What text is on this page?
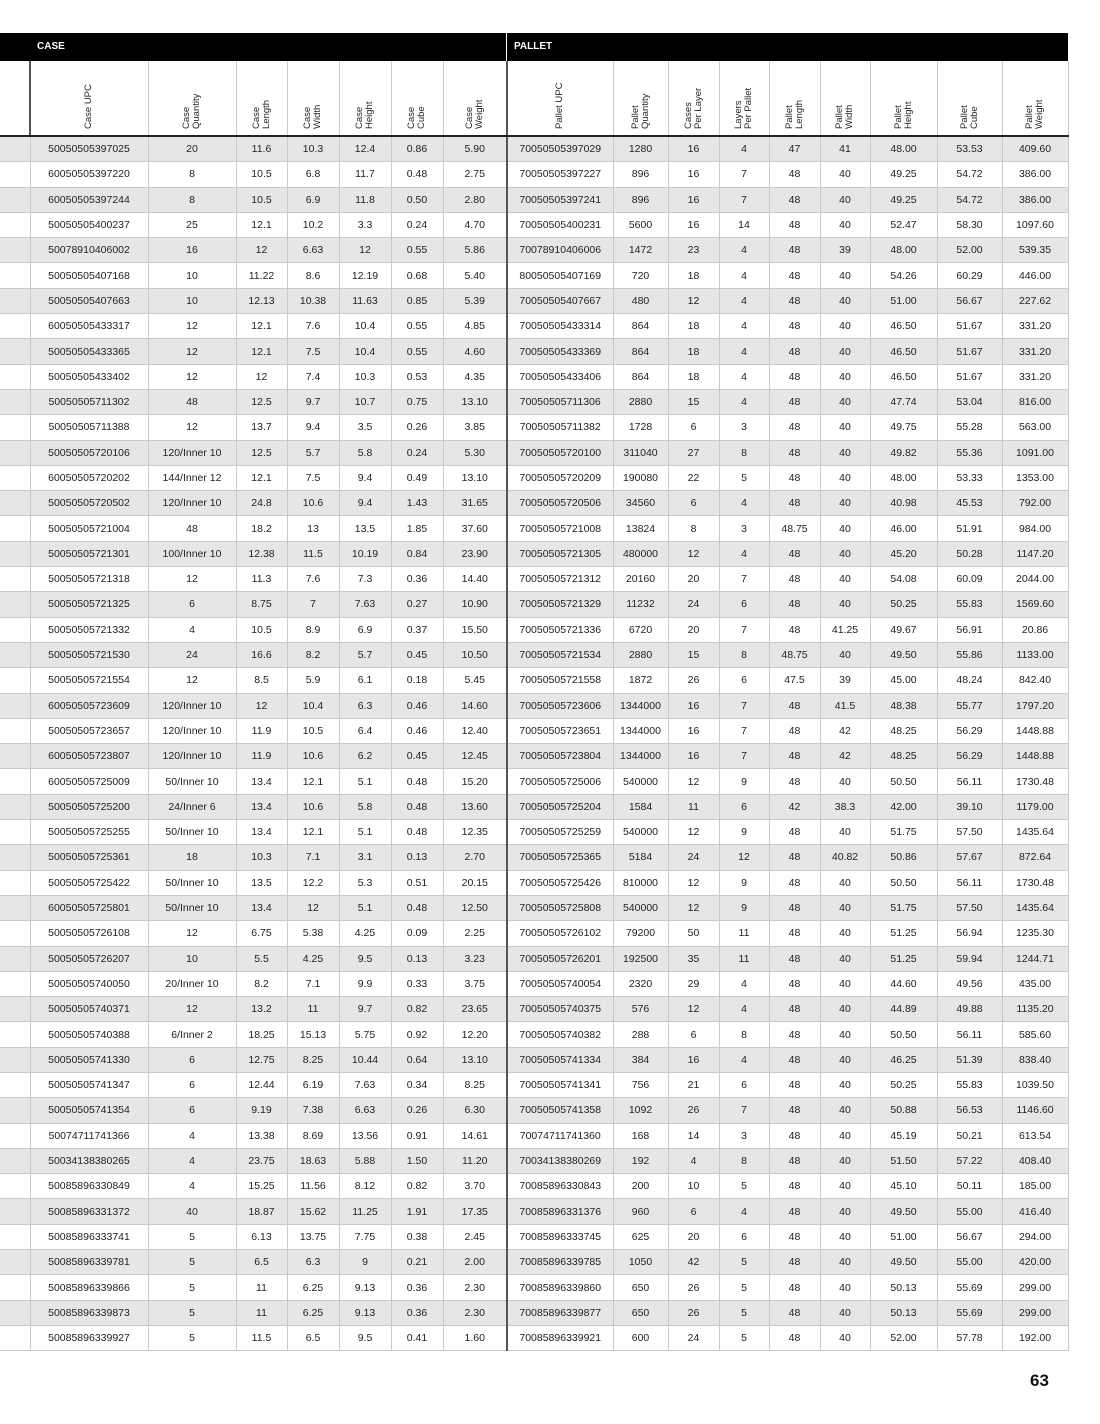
CASE	PALLET

	Case UPC	Case Quantity	Case Length	Case Width	Case Height	Case Cube	Case Weight	Pallet UPC	Pallet Quantity	Cases Per Layer	Layers Per Pallet	Pallet Length	Pallet Width	Pallet Height	Pallet Cube	Pallet Weight

	50050505397025	20	11.6	10.3	12.4	0.86	5.90	70050505397029	1280	16	4	47	41	48.00	53.53	409.60
	60050505397220	8	10.5	6.8	11.7	0.48	2.75	70050505397227	896	16	7	48	40	49.25	54.72	386.00
	60050505397244	8	10.5	6.9	11.8	0.50	2.80	70050505397241	896	16	7	48	40	49.25	54.72	386.00
	50050505400237	25	12.1	10.2	3.3	0.24	4.70	70050505400231	5600	16	14	48	40	52.47	58.30	1097.60
	50078910406002	16	12	6.63	12	0.55	5.86	70078910406006	1472	23	4	48	39	48.00	52.00	539.35
	50050505407168	10	11.22	8.6	12.19	0.68	5.40	80050505407169	720	18	4	48	40	54.26	60.29	446.00
	50050505407663	10	12.13	10.38	11.63	0.85	5.39	70050505407667	480	12	4	48	40	51.00	56.67	227.62
	60050505433317	12	12.1	7.6	10.4	0.55	4.85	70050505433314	864	18	4	48	40	46.50	51.67	331.20
	50050505433365	12	12.1	7.5	10.4	0.55	4.60	70050505433369	864	18	4	48	40	46.50	51.67	331.20
	50050505433402	12	12	7.4	10.3	0.53	4.35	70050505433406	864	18	4	48	40	46.50	51.67	331.20
	50050505711302	48	12.5	9.7	10.7	0.75	13.10	70050505711306	2880	15	4	48	40	47.74	53.04	816.00
	50050505711388	12	13.7	9.4	3.5	0.26	3.85	70050505711382	1728	6	3	48	40	49.75	55.28	563.00
	50050505720106	120/Inner 10	12.5	5.7	5.8	0.24	5.30	70050505720100	311040	27	8	48	40	49.82	55.36	1091.00
	60050505720202	144/Inner 12	12.1	7.5	9.4	0.49	13.10	70050505720209	190080	22	5	48	40	48.00	53.33	1353.00
	50050505720502	120/Inner 10	24.8	10.6	9.4	1.43	31.65	70050505720506	34560	6	4	48	40	40.98	45.53	792.00
	50050505721004	48	18.2	13	13.5	1.85	37.60	70050505721008	13824	8	3	48.75	40	46.00	51.91	984.00
	50050505721301	100/Inner 10	12.38	11.5	10.19	0.84	23.90	70050505721305	480000	12	4	48	40	45.20	50.28	1147.20
	50050505721318	12	11.3	7.6	7.3	0.36	14.40	70050505721312	20160	20	7	48	40	54.08	60.09	2044.00
	50050505721325	6	8.75	7	7.63	0.27	10.90	70050505721329	11232	24	6	48	40	50.25	55.83	1569.60
	50050505721332	4	10.5	8.9	6.9	0.37	15.50	70050505721336	6720	20	7	48	41.25	49.67	56.91	20.86
	50050505721530	24	16.6	8.2	5.7	0.45	10.50	70050505721534	2880	15	8	48.75	40	49.50	55.86	1133.00
	50050505721554	12	8.5	5.9	6.1	0.18	5.45	70050505721558	1872	26	6	47.5	39	45.00	48.24	842.40
	60050505723609	120/Inner 10	12	10.4	6.3	0.46	14.60	70050505723606	1344000	16	7	48	41.5	48.38	55.77	1797.20
	50050505723657	120/Inner 10	11.9	10.5	6.4	0.46	12.40	70050505723651	1344000	16	7	48	42	48.25	56.29	1448.88
	60050505723807	120/Inner 10	11.9	10.6	6.2	0.45	12.45	70050505723804	1344000	16	7	48	42	48.25	56.29	1448.88
	60050505725009	50/Inner 10	13.4	12.1	5.1	0.48	15.20	70050505725006	540000	12	9	48	40	50.50	56.11	1730.48
	50050505725200	24/Inner 6	13.4	10.6	5.8	0.48	13.60	70050505725204	1584	11	6	42	38.3	42.00	39.10	1179.00
	50050505725255	50/Inner 10	13.4	12.1	5.1	0.48	12.35	70050505725259	540000	12	9	48	40	51.75	57.50	1435.64
	50050505725361	18	10.3	7.1	3.1	0.13	2.70	70050505725365	5184	24	12	48	40.82	50.86	57.67	872.64
	50050505725422	50/Inner 10	13.5	12.2	5.3	0.51	20.15	70050505725426	810000	12	9	48	40	50.50	56.11	1730.48
	60050505725801	50/Inner 10	13.4	12	5.1	0.48	12.50	70050505725808	540000	12	9	48	40	51.75	57.50	1435.64
	50050505726108	12	6.75	5.38	4.25	0.09	2.25	70050505726102	79200	50	11	48	40	51.25	56.94	1235.30
	50050505726207	10	5.5	4.25	9.5	0.13	3.23	70050505726201	192500	35	11	48	40	51.25	59.94	1244.71
	50050505740050	20/Inner 10	8.2	7.1	9.9	0.33	3.75	70050505740054	2320	29	4	48	40	44.60	49.56	435.00
	50050505740371	12	13.2	11	9.7	0.82	23.65	70050505740375	576	12	4	48	40	44.89	49.88	1135.20
	50050505740388	6/Inner 2	18.25	15.13	5.75	0.92	12.20	70050505740382	288	6	8	48	40	50.50	56.11	585.60
	50050505741330	6	12.75	8.25	10.44	0.64	13.10	70050505741334	384	16	4	48	40	46.25	51.39	838.40
	50050505741347	6	12.44	6.19	7.63	0.34	8.25	70050505741341	756	21	6	48	40	50.25	55.83	1039.50
	50050505741354	6	9.19	7.38	6.63	0.26	6.30	70050505741358	1092	26	7	48	40	50.88	56.53	1146.60
	50074711741366	4	13.38	8.69	13.56	0.91	14.61	70074711741360	168	14	3	48	40	45.19	50.21	613.54
	50034138380265	4	23.75	18.63	5.88	1.50	11.20	70034138380269	192	4	8	48	40	51.50	57.22	408.40
	50085896330849	4	15.25	11.56	8.12	0.82	3.70	70085896330843	200	10	5	48	40	45.10	50.11	185.00
	50085896331372	40	18.87	15.62	11.25	1.91	17.35	70085896331376	960	6	4	48	40	49.50	55.00	416.40
	50085896333741	5	6.13	13.75	7.75	0.38	2.45	70085896333745	625	20	6	48	40	51.00	56.67	294.00
	50085896339781	5	6.5	6.3	9	0.21	2.00	70085896339785	1050	42	5	48	40	49.50	55.00	420.00
	50085896339866	5	11	6.25	9.13	0.36	2.30	70085896339860	650	26	5	48	40	50.13	55.69	299.00
	50085896339873	5	11	6.25	9.13	0.36	2.30	70085896339877	650	26	5	48	40	50.13	55.69	299.00
	50085896339927	5	11.5	6.5	9.5	0.41	1.60	70085896339921	600	24	5	48	40	52.00	57.78	192.00
63
